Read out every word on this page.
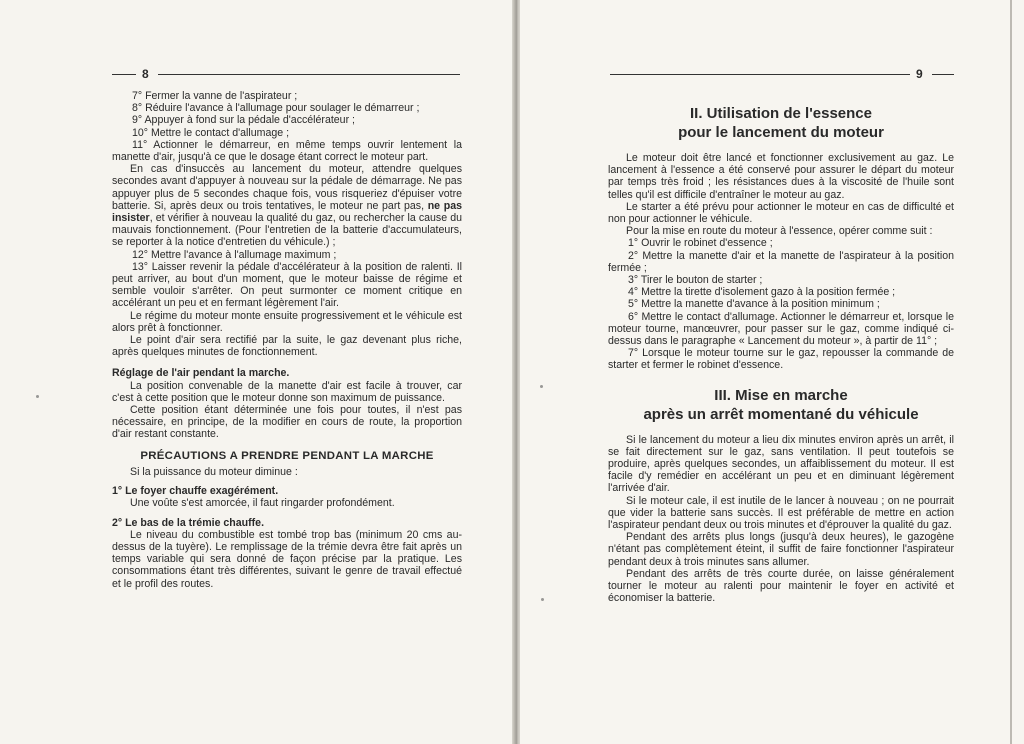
8

7° Fermer la vanne de l'aspirateur ;

8° Réduire l'avance à l'allumage pour soulager le démarreur ;

9° Appuyer à fond sur la pédale d'accélérateur ;

10° Mettre le contact d'allumage ;

11° Actionner le démarreur, en même temps ouvrir lentement la manette d'air, jusqu'à ce que le dosage étant correct le moteur part.

En cas d'insuccès au lancement du moteur, attendre quelques secondes avant d'appuyer à nouveau sur la pédale de démarrage. Ne pas appuyer plus de 5 secondes chaque fois, vous risqueriez d'épuiser votre batterie. Si, après deux ou trois tentatives, le moteur ne part pas, ne pas insister, et vérifier à nouveau la qualité du gaz, ou rechercher la cause du mauvais fonctionnement. (Pour l'entretien de la batterie d'accumulateurs, se reporter à la notice d'entretien du véhicule.) ;

12° Mettre l'avance à l'allumage maximum ;

13° Laisser revenir la pédale d'accélérateur à la position de ralenti. Il peut arriver, au bout d'un moment, que le moteur baisse de régime et semble vouloir s'arrêter. On peut surmonter ce moment critique en accélérant un peu et en fermant légèrement l'air.

Le régime du moteur monte ensuite progressivement et le véhicule est alors prêt à fonctionner.

Le point d'air sera rectifié par la suite, le gaz devenant plus riche, après quelques minutes de fonctionnement.

Réglage de l'air pendant la marche.

La position convenable de la manette d'air est facile à trouver, car c'est à cette position que le moteur donne son maximum de puissance.

Cette position étant déterminée une fois pour toutes, il n'est pas nécessaire, en principe, de la modifier en cours de route, la proportion d'air restant constante.

PRÉCAUTIONS A PRENDRE PENDANT LA MARCHE

Si la puissance du moteur diminue :

1° Le foyer chauffe exagérément.

Une voûte s'est amorcée, il faut ringarder profondément.

2° Le bas de la trémie chauffe.

Le niveau du combustible est tombé trop bas (minimum 20 cms au-dessus de la tuyère). Le remplissage de la trémie devra être fait après un temps variable qui sera donné de façon précise par la pratique. Les consommations étant très différentes, suivant le genre de travail effectué et le profil des routes.

9

II. Utilisation de l'essence

pour le lancement du moteur

Le moteur doit être lancé et fonctionner exclusivement au gaz. Le lancement à l'essence a été conservé pour assurer le départ du moteur par temps très froid ; les résistances dues à la viscosité de l'huile sont telles qu'il est difficile d'entraîner le moteur au gaz.

Le starter a été prévu pour actionner le moteur en cas de difficulté et non pour actionner le véhicule.

Pour la mise en route du moteur à l'essence, opérer comme suit :

1° Ouvrir le robinet d'essence ;

2° Mettre la manette d'air et la manette de l'aspirateur à la position fermée ;

3° Tirer le bouton de starter ;

4° Mettre la tirette d'isolement gazo à la position fermée ;

5° Mettre la manette d'avance à la position minimum ;

6° Mettre le contact d'allumage. Actionner le démarreur et, lorsque le moteur tourne, manœuvrer, pour passer sur le gaz, comme indiqué ci-dessus dans le paragraphe « Lancement du moteur », à partir de 11° ;

7° Lorsque le moteur tourne sur le gaz, repousser la commande de starter et fermer le robinet d'essence.

III. Mise en marche

après un arrêt momentané du véhicule

Si le lancement du moteur a lieu dix minutes environ après un arrêt, il se fait directement sur le gaz, sans ventilation. Il peut toutefois se produire, après quelques secondes, un affaiblissement du moteur. Il est facile d'y remédier en accélérant un peu et en diminuant légèrement l'arrivée d'air.

Si le moteur cale, il est inutile de le lancer à nouveau ; on ne pourrait que vider la batterie sans succès. Il est préférable de mettre en action l'aspirateur pendant deux ou trois minutes et d'éprouver la qualité du gaz.

Pendant des arrêts plus longs (jusqu'à deux heures), le gazogène n'étant pas complètement éteint, il suffit de faire fonctionner l'aspirateur pendant deux à trois minutes sans allumer.

Pendant des arrêts de très courte durée, on laisse généralement tourner le moteur au ralenti pour maintenir le foyer en activité et économiser la batterie.
